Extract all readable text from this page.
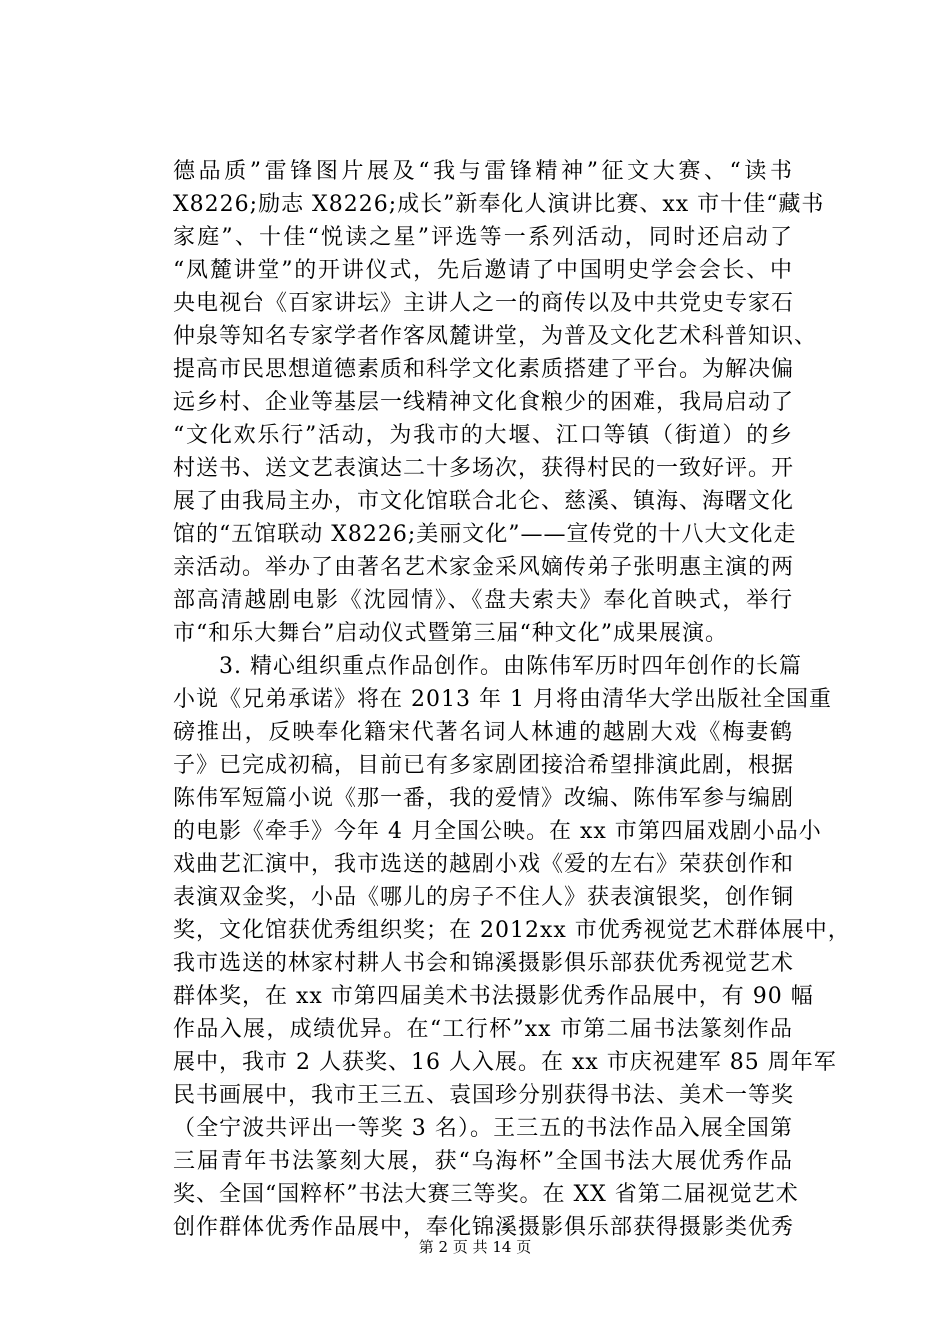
德品质”雷锋图片展及“我与雷锋精神”征文大赛、“读书
X8226;励志 X8226;成长”新奉化人演讲比赛、xx 市十佳“藏书
家庭”、十佳“悦读之星”评选等一系列活动，同时还启动了
“凤麓讲堂”的开讲仪式，先后邀请了中国明史学会会长、中
央电视台《百家讲坛》主讲人之一的商传以及中共党史专家石
仲泉等知名专家学者作客凤麓讲堂，为普及文化艺术科普知识、
提高市民思想道德素质和科学文化素质搭建了平台。为解决偏
远乡村、企业等基层一线精神文化食粮少的困难，我局启动了
“文化欢乐行”活动，为我市的大堰、江口等镇（街道）的乡
村送书、送文艺表演达二十多场次，获得村民的一致好评。开
展了由我局主办，市文化馆联合北仑、慈溪、镇海、海曙文化
馆的“五馆联动 X8226;美丽文化”——宣传党的十八大文化走
亲活动。举办了由著名艺术家金采风嫡传弟子张明惠主演的两
部高清越剧电影《沈园情》、《盘夫索夫》奉化首映式，举行
市“和乐大舞台”启动仪式暨第三届“种文化”成果展演。
　　3. 精心组织重点作品创作。由陈伟军历时四年创作的长篇
小说《兄弟承诺》将在 2013 年 1 月将由清华大学出版社全国重
磅推出，反映奉化籍宋代著名词人林逋的越剧大戏《梅妻鹤
子》已完成初稿，目前已有多家剧团接洽希望排演此剧，根据
陈伟军短篇小说《那一番，我的爱情》改编、陈伟军参与编剧
的电影《牵手》今年 4 月全国公映。在 xx 市第四届戏剧小品小
戏曲艺汇演中，我市选送的越剧小戏《爱的左右》荣获创作和
表演双金奖，小品《哪儿的房子不住人》获表演银奖，创作铜
奖，文化馆获优秀组织奖；在 2012xx 市优秀视觉艺术群体展中，
我市选送的林家村耕人书会和锦溪摄影俱乐部获优秀视觉艺术
群体奖，在 xx 市第四届美术书法摄影优秀作品展中，有 90 幅
作品入展，成绩优异。在“工行杯”xx 市第二届书法篆刻作品
展中，我市 2 人获奖、16 人入展。在 xx 市庆祝建军 85 周年军
民书画展中，我市王三五、袁国珍分别获得书法、美术一等奖
（全宁波共评出一等奖 3 名）。王三五的书法作品入展全国第
三届青年书法篆刻大展，获“乌海杯”全国书法大展优秀作品
奖、全国“国粹杯”书法大赛三等奖。在 XX 省第二届视觉艺术
创作群体优秀作品展中，奉化锦溪摄影俱乐部获得摄影类优秀
第 2 页 共 14 页
